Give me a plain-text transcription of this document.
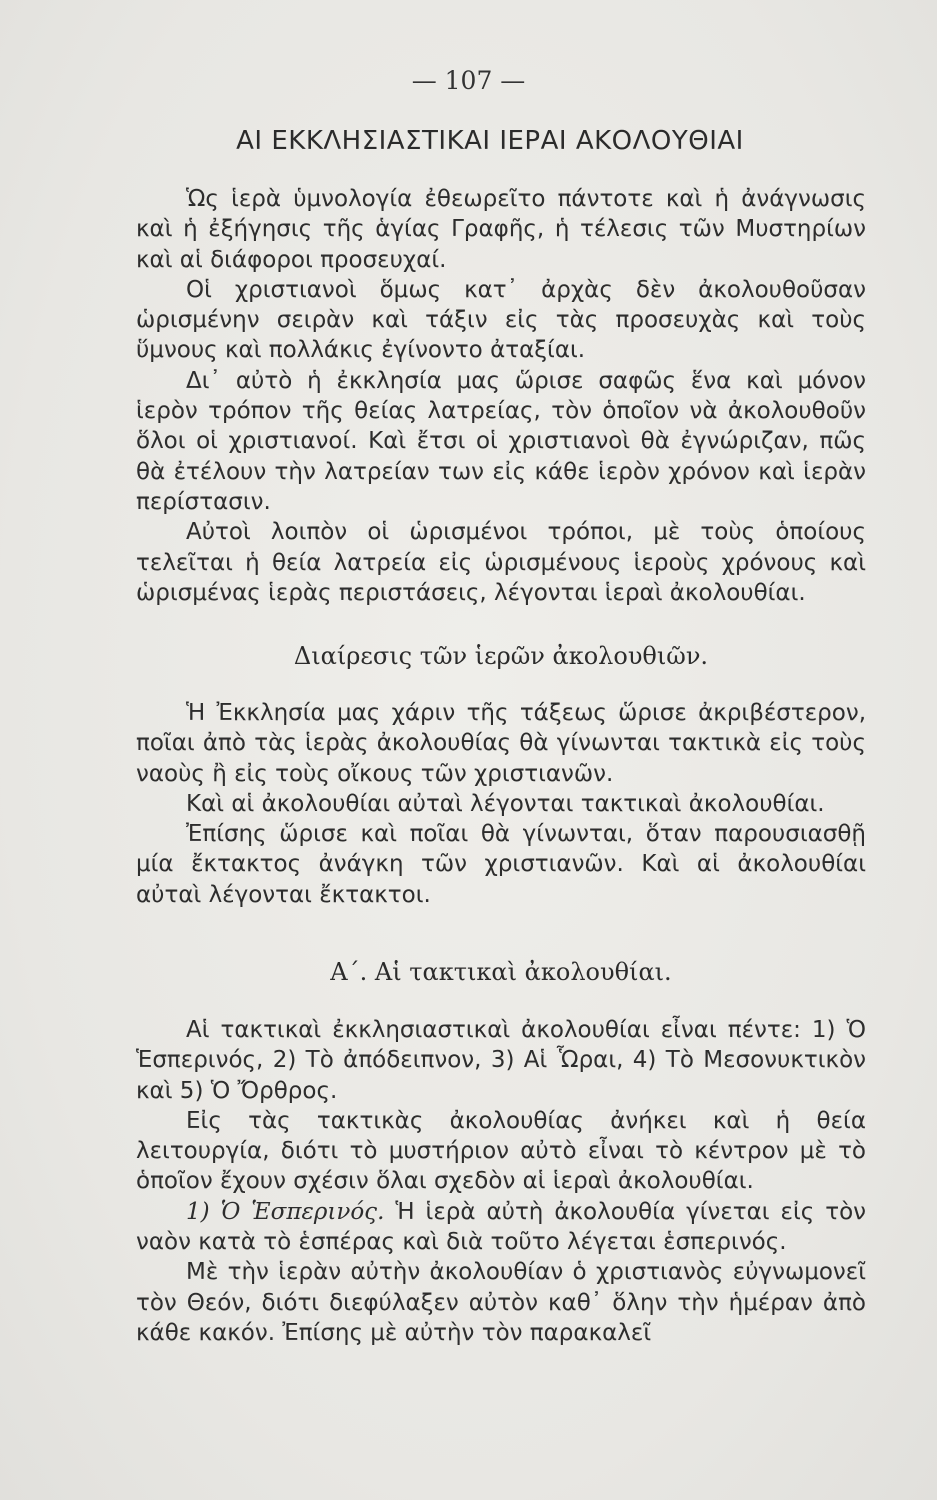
— 107 —
ΑΙ ΕΚΚΛΗΣΙΑΣΤΙΚΑΙ ΙΕΡΑΙ ΑΚΟΛΟΥΘΙΑΙ

Ὡς ἱερὰ ὑμνολογία ἐθεωρεῖτο πάντοτε καὶ ἡ ἀνάγνωσις καὶ ἡ ἐξήγησις τῆς ἁγίας Γραφῆς, ἡ τέλεσις τῶν Μυστηρίων καὶ αἱ διάφοροι προσευχαί.

Οἱ χριστιανοὶ ὅμως κατ᾽ ἀρχὰς δὲν ἀκολουθοῦσαν ὡρισμένην σειρὰν καὶ τάξιν εἰς τὰς προσευχὰς καὶ τοὺς ὕμνους καὶ πολλάκις ἐγίνοντο ἀταξίαι.

Δι᾽ αὐτὸ ἡ ἐκκλησία μας ὥρισε σαφῶς ἕνα καὶ μόνον ἱερὸν τρόπον τῆς θείας λατρείας, τὸν ὁποῖον νὰ ἀκολουθοῦν ὅλοι οἱ χριστιανοί. Καὶ ἔτσι οἱ χριστιανοὶ θὰ ἐγνώριζαν, πῶς θὰ ἐτέλουν τὴν λατρείαν των εἰς κάθε ἱερὸν χρόνον καὶ ἱερὰν περίστασιν.

Αὐτοὶ λοιπὸν οἱ ὡρισμένοι τρόποι, μὲ τοὺς ὁποίους τελεῖται ἡ θεία λατρεία εἰς ὡρισμένους ἱεροὺς χρόνους καὶ ὡρισμένας ἱερὰς περιστάσεις, λέγονται ἱεραὶ ἀκολουθίαι.

Διαίρεσις τῶν ἱερῶν ἀκολουθιῶν.

Ἡ Ἐκκλησία μας χάριν τῆς τάξεως ὥρισε ἀκριβέστερον, ποῖαι ἀπὸ τὰς ἱερὰς ἀκολουθίας θὰ γίνωνται τακτικὰ εἰς τοὺς ναοὺς ἢ εἰς τοὺς οἴκους τῶν χριστιανῶν.

Καὶ αἱ ἀκολουθίαι αὐταὶ λέγονται τακτικαὶ ἀκολουθίαι.

Ἐπίσης ὥρισε καὶ ποῖαι θὰ γίνωνται, ὅταν παρουσιασθῇ μία ἔκτακτος ἀνάγκη τῶν χριστιανῶν. Καὶ αἱ ἀκολουθίαι αὐταὶ λέγονται ἔκτακτοι.

Α΄. Αἱ τακτικαὶ ἀκολουθίαι.

Αἱ τακτικαὶ ἐκκλησιαστικαὶ ἀκολουθίαι εἶναι πέντε: 1) Ὁ Ἑσπερινός, 2) Τὸ ἀπόδειπνον, 3) Αἱ Ὧραι, 4) Τὸ Μεσονυκτικὸν καὶ 5) Ὁ Ὄρθρος.

Εἰς τὰς τακτικὰς ἀκολουθίας ἀνήκει καὶ ἡ θεία λειτουργία, διότι τὸ μυστήριον αὐτὸ εἶναι τὸ κέντρον μὲ τὸ ὁποῖον ἔχουν σχέσιν ὅλαι σχεδὸν αἱ ἱεραὶ ἀκολουθίαι.

1) Ὁ Ἑσπερινός. Ἡ ἱερὰ αὐτὴ ἀκολουθία γίνεται εἰς τὸν ναὸν κατὰ τὸ ἑσπέρας καὶ διὰ τοῦτο λέγεται ἑσπερινός.

Μὲ τὴν ἱερὰν αὐτὴν ἀκολουθίαν ὁ χριστιανὸς εὐγνωμονεῖ τὸν Θεόν, διότι διεφύλαξεν αὐτὸν καθ᾽ ὅλην τὴν ἡμέραν ἀπὸ κάθε κακόν. Ἐπίσης μὲ αὐτὴν τὸν παρακαλεῖ
